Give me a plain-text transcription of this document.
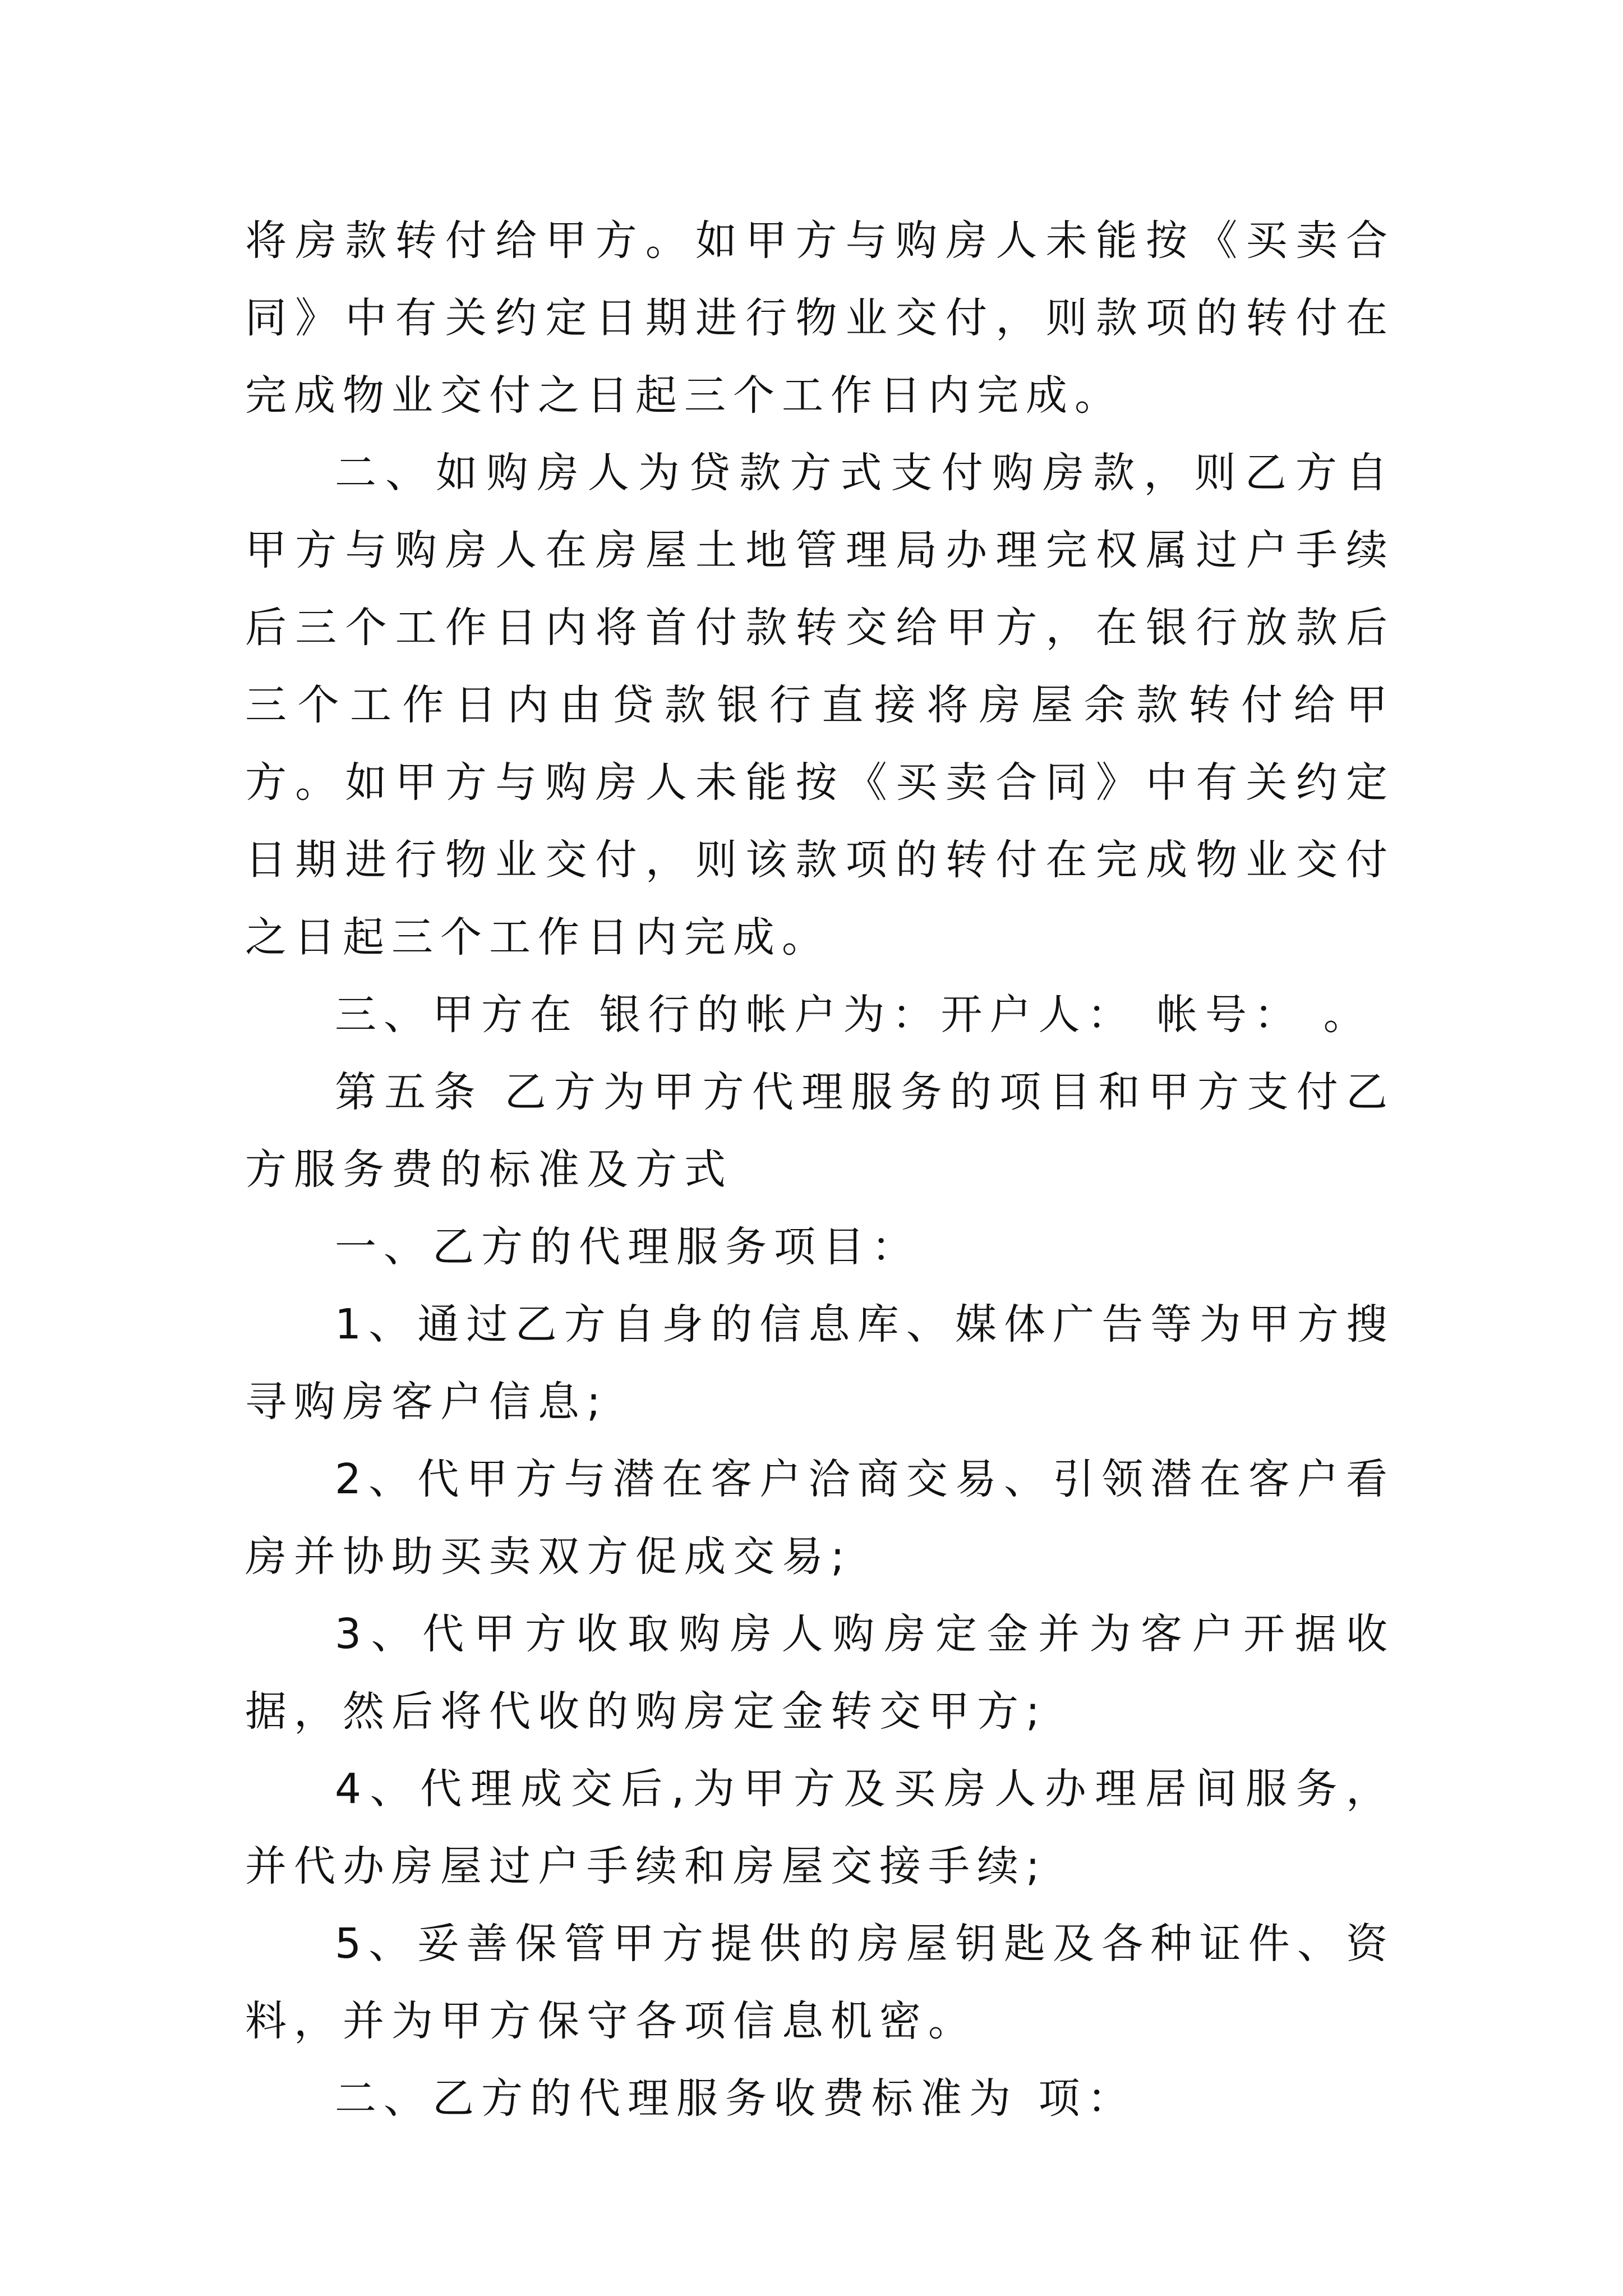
将房款转付给甲方。如甲方与购房人未能按《买卖合同》中有关约定日期进行物业交付，则款项的转付在完成物业交付之日起三个工作日内完成。

二、如购房人为贷款方式支付购房款，则乙方自甲方与购房人在房屋土地管理局办理完权属过户手续后三个工作日内将首付款转交给甲方，在银行放款后三个工作日内由贷款银行直接将房屋余款转付给甲方。如甲方与购房人未能按《买卖合同》中有关约定日期进行物业交付，则该款项的转付在完成物业交付之日起三个工作日内完成。

三、甲方在 银行的帐户为：开户人： 帐号： 。

第五条 乙方为甲方代理服务的项目和甲方支付乙方服务费的标准及方式

一、乙方的代理服务项目：

1、通过乙方自身的信息库、媒体广告等为甲方搜寻购房客户信息;

2、代甲方与潜在客户洽商交易、引领潜在客户看房并协助买卖双方促成交易;

3、代甲方收取购房人购房定金并为客户开据收据，然后将代收的购房定金转交甲方;

4、代理成交后,为甲方及买房人办理居间服务，并代办房屋过户手续和房屋交接手续;

5、妥善保管甲方提供的房屋钥匙及各种证件、资料，并为甲方保守各项信息机密。

二、乙方的代理服务收费标准为 项：
